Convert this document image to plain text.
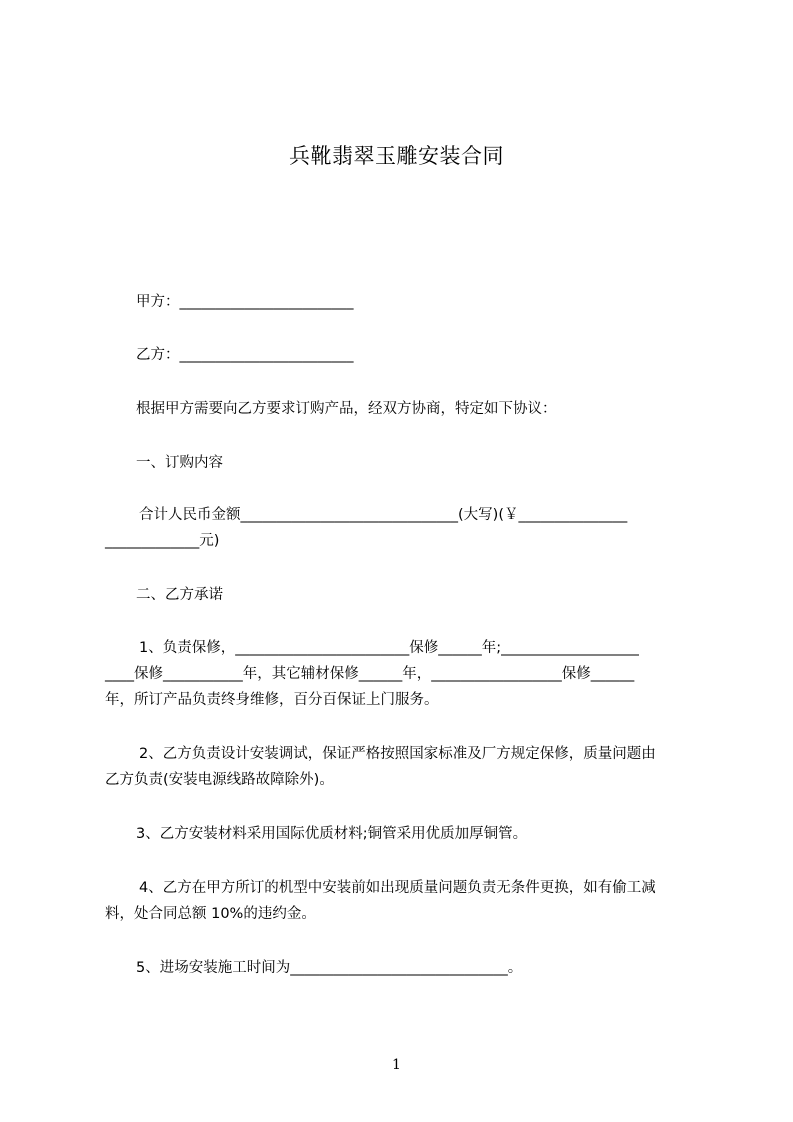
兵靴翡翠玉雕安装合同
甲方：________________________
乙方：________________________
根据甲方需要向乙方要求订购产品，经双方协商，特定如下协议：
一、订购内容
合计人民币金额______________________________(大写)(￥_______________
_____________元)
二、乙方承诺
1、负责保修，________________________保修______年;___________________
____保修___________年，其它辅材保修______年，__________________保修______
年，所订产品负责终身维修，百分百保证上门服务。
2、乙方负责设计安装调试，保证严格按照国家标准及厂方规定保修，质量问题由
乙方负责(安装电源线路故障除外)。
3、乙方安装材料采用国际优质材料;铜管采用优质加厚铜管。
4、乙方在甲方所订的机型中安装前如出现质量问题负责无条件更换，如有偷工减
料，处合同总额 10%的违约金。
5、进场安装施工时间为______________________________。
1
